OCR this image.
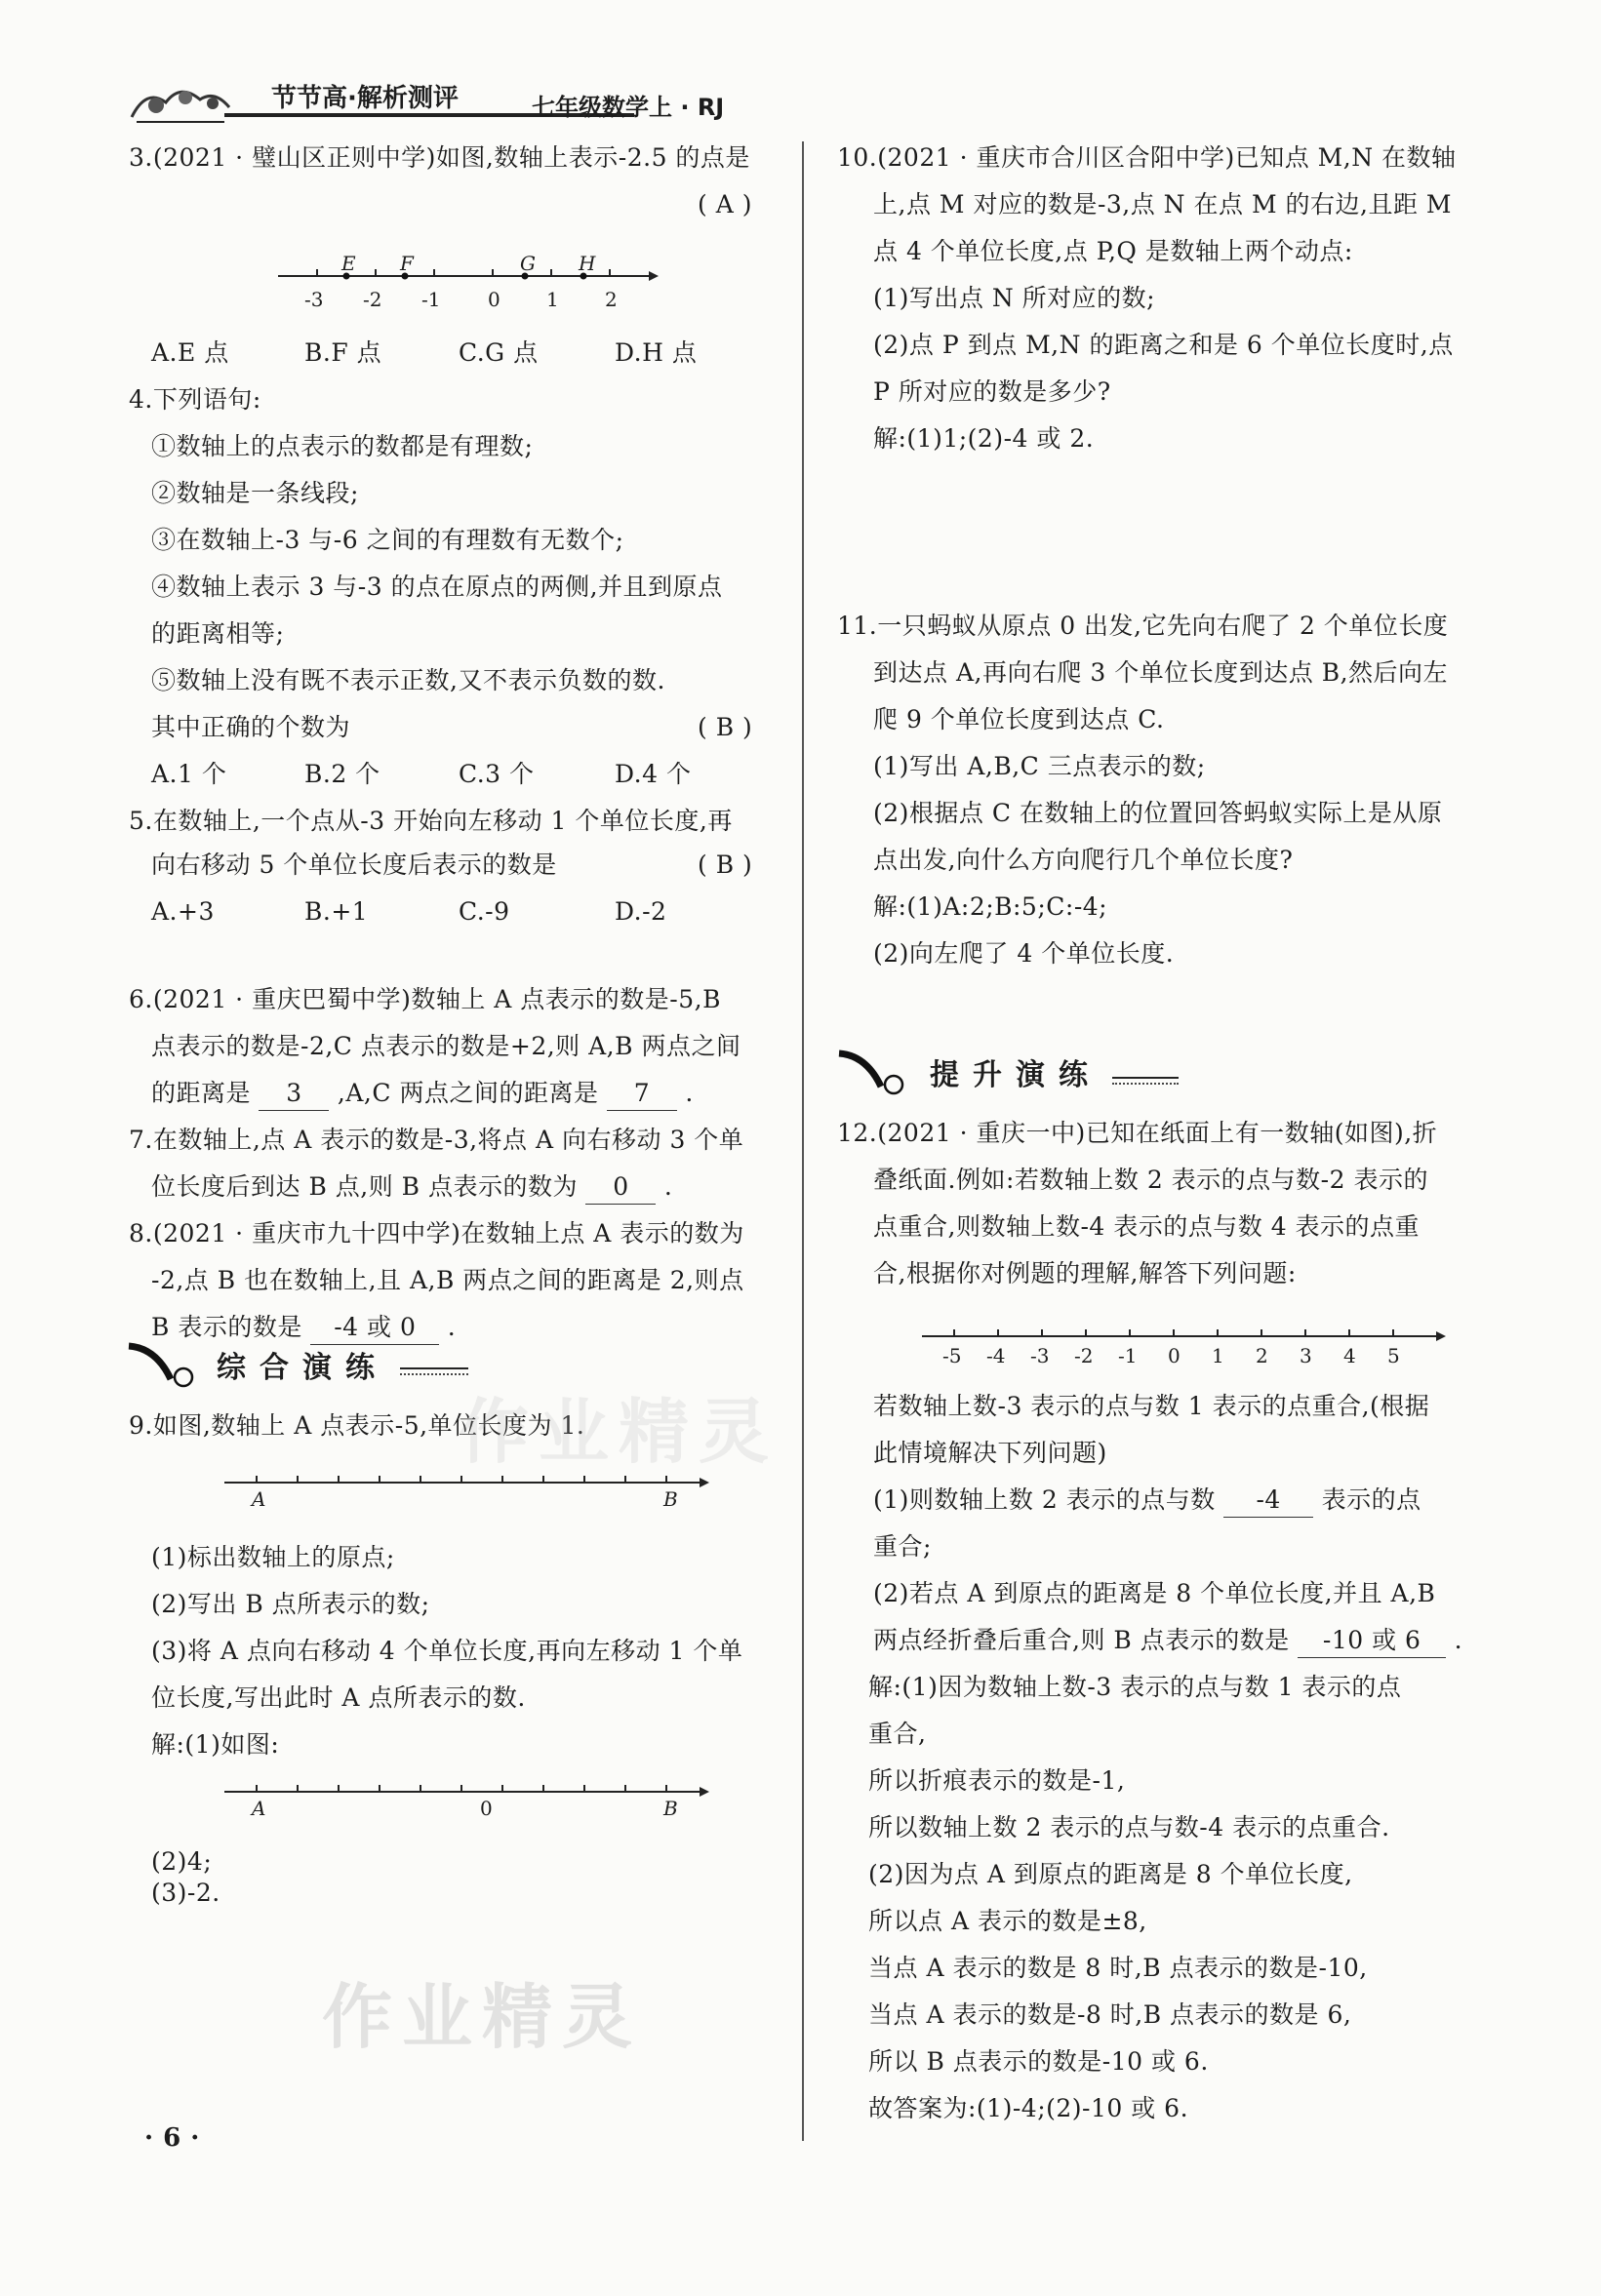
节节高·解析测评	七年级数学上 · RJ
3.(2021 · 璧山区正则中学)如图,数轴上表示-2.5 的点是
( A )
E F	G H
-3 -2 -1 0 1 2
A.E 点	B.F 点	C.G 点	D.H 点
4.下列语句:
①数轴上的点表示的数都是有理数;
②数轴是一条线段;
③在数轴上-3 与-6 之间的有理数有无数个;
④数轴上表示 3 与-3 的点在原点的两侧,并且到原点
的距离相等;
⑤数轴上没有既不表示正数,又不表示负数的数.
其中正确的个数为	( B )
A.1 个	B.2 个	C.3 个	D.4 个
5.在数轴上,一个点从-3 开始向左移动 1 个单位长度,再
向右移动 5 个单位长度后表示的数是	( B )
A.+3	B.+1	C.-9	D.-2
6.(2021 · 重庆巴蜀中学)数轴上 A 点表示的数是-5,B
点表示的数是-2,C 点表示的数是+2,则 A,B 两点之间
的距离是 3 ,A,C 两点之间的距离是 7 .
7.在数轴上,点 A 表示的数是-3,将点 A 向右移动 3 个单
位长度后到达 B 点,则 B 点表示的数为 0 .
8.(2021 · 重庆市九十四中学)在数轴上点 A 表示的数为
-2,点 B 也在数轴上,且 A,B 两点之间的距离是 2,则点
B 表示的数是 -4 或 0 .
综合演练
9.如图,数轴上 A 点表示-5,单位长度为 1.
A	B
(1)标出数轴上的原点;
(2)写出 B 点所表示的数;
(3)将 A 点向右移动 4 个单位长度,再向左移动 1 个单
位长度,写出此时 A 点所表示的数.
解:(1)如图:
A	0	B
(2)4;
(3)-2.
作业精灵
作业精灵
· 6 ·
10.(2021 · 重庆市合川区合阳中学)已知点 M,N 在数轴
上,点 M 对应的数是-3,点 N 在点 M 的右边,且距 M
点 4 个单位长度,点 P,Q 是数轴上两个动点:
(1)写出点 N 所对应的数;
(2)点 P 到点 M,N 的距离之和是 6 个单位长度时,点
P 所对应的数是多少?
解:(1)1;(2)-4 或 2.
11.一只蚂蚁从原点 0 出发,它先向右爬了 2 个单位长度
到达点 A,再向右爬 3 个单位长度到达点 B,然后向左
爬 9 个单位长度到达点 C.
(1)写出 A,B,C 三点表示的数;
(2)根据点 C 在数轴上的位置回答蚂蚁实际上是从原
点出发,向什么方向爬行几个单位长度?
解:(1)A:2;B:5;C:-4;
(2)向左爬了 4 个单位长度.
提升演练
12.(2021 · 重庆一中)已知在纸面上有一数轴(如图),折
叠纸面.例如:若数轴上数 2 表示的点与数-2 表示的
点重合,则数轴上数-4 表示的点与数 4 表示的点重
合,根据你对例题的理解,解答下列问题:
-5 -4 -3 -2 -1 0 1 2 3 4 5
若数轴上数-3 表示的点与数 1 表示的点重合,(根据
此情境解决下列问题)
(1)则数轴上数 2 表示的点与数 -4 表示的点
重合;
(2)若点 A 到原点的距离是 8 个单位长度,并且 A,B
两点经折叠后重合,则 B 点表示的数是 -10 或 6 .
解:(1)因为数轴上数-3 表示的点与数 1 表示的点
重合,
所以折痕表示的数是-1,
所以数轴上数 2 表示的点与数-4 表示的点重合.
(2)因为点 A 到原点的距离是 8 个单位长度,
所以点 A 表示的数是±8,
当点 A 表示的数是 8 时,B 点表示的数是-10,
当点 A 表示的数是-8 时,B 点表示的数是 6,
所以 B 点表示的数是-10 或 6.
故答案为:(1)-4;(2)-10 或 6.
